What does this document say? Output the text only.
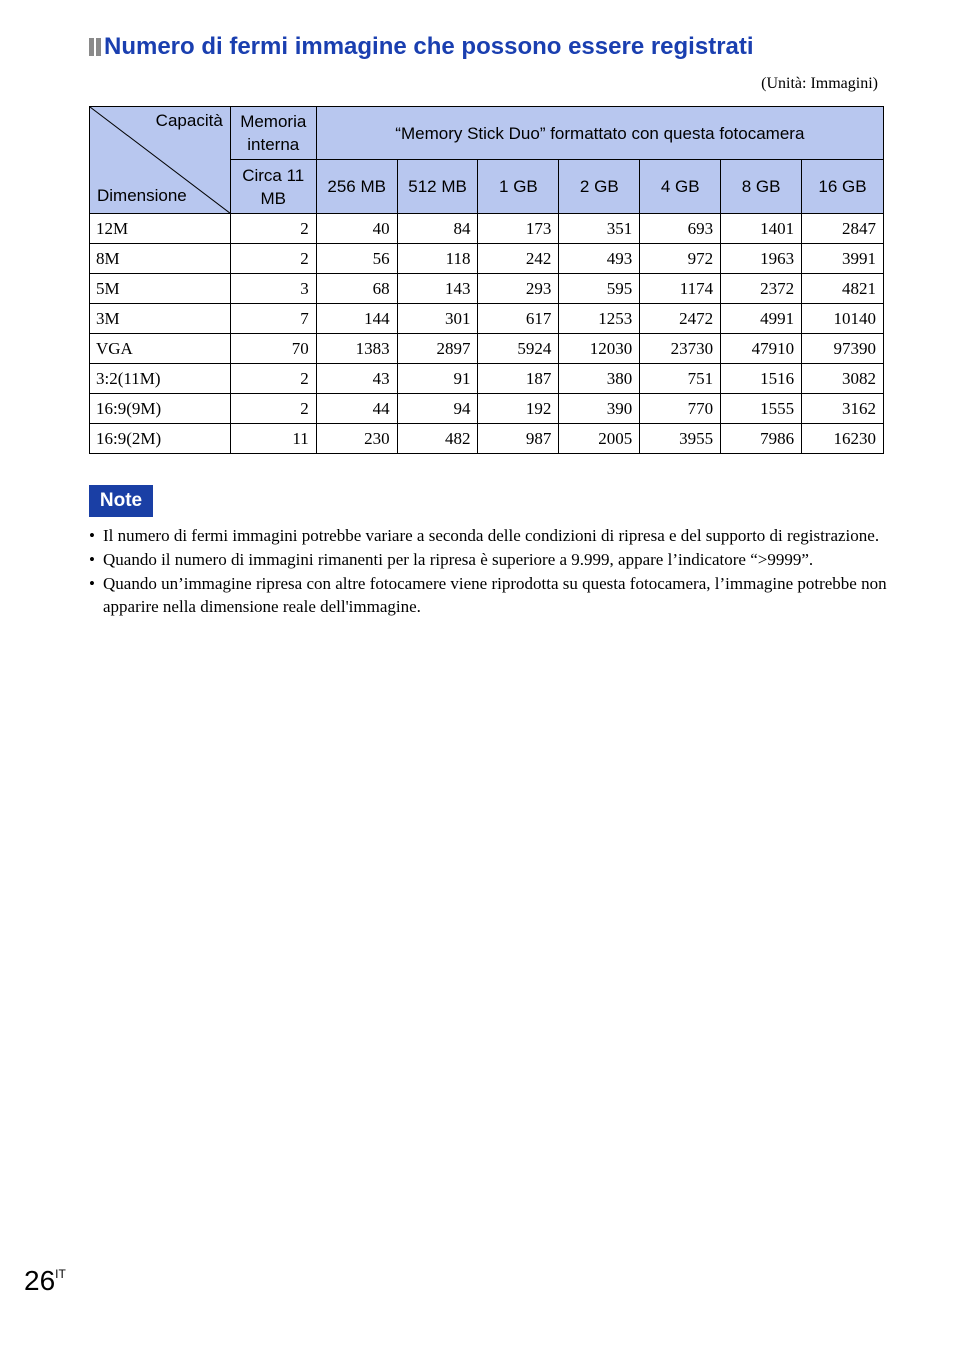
Numero di fermi immagine che possono essere registrati
(Unità: Immagini)
Capacità
Dimensione	Memoria interna	“Memory Stick Duo” formattato con questa fotocamera						
	Circa 11 MB	256 MB	512 MB	1 GB	2 GB	4 GB	8 GB	16 GB
12M	2	40	84	173	351	693	1401	2847
8M	2	56	118	242	493	972	1963	3991
5M	3	68	143	293	595	1174	2372	4821
3M	7	144	301	617	1253	2472	4991	10140
VGA	70	1383	2897	5924	12030	23730	47910	97390
3:2(11M)	2	43	91	187	380	751	1516	3082
16:9(9M)	2	44	94	192	390	770	1555	3162
16:9(2M)	11	230	482	987	2005	3955	7986	16230
Note
• Il numero di fermi immagini potrebbe variare a seconda delle condizioni di ripresa e del supporto di registrazione.
• Quando il numero di immagini rimanenti per la ripresa è superiore a 9.999, appare l’indicatore “>9999”.
• Quando un’immagine ripresa con altre fotocamere viene riprodotta su questa fotocamera, l’immagine potrebbe non apparire nella dimensione reale dell'immagine.
$26^{IT}$
